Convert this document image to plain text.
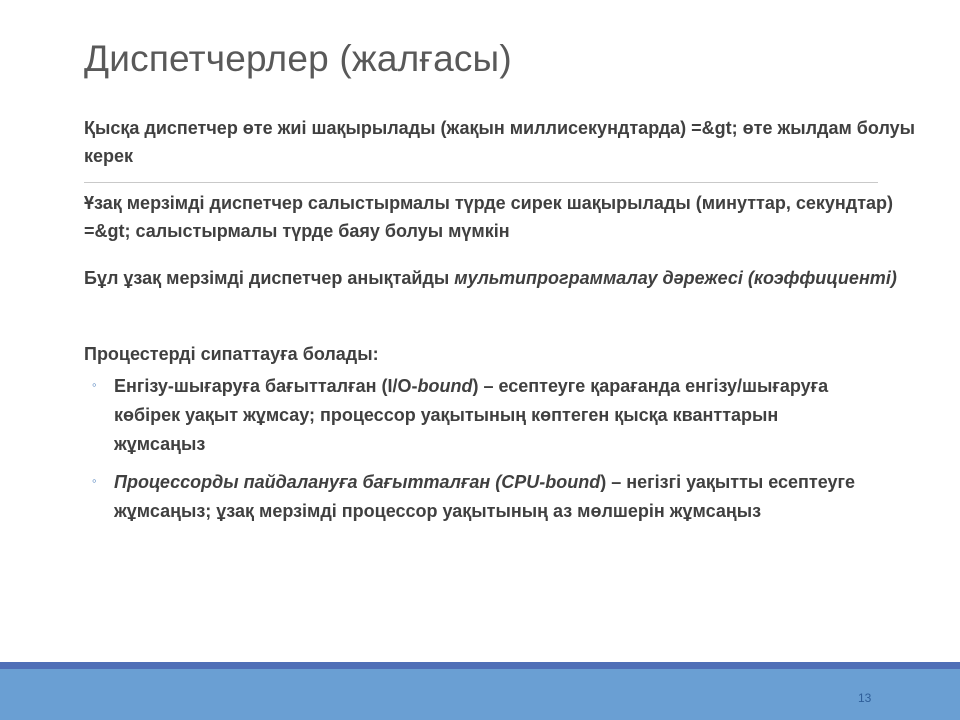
Диспетчерлер (жалғасы)
Қысқа диспетчер өте жиі шақырылады (жақын миллисекундтарда) =&gt; өте жылдам болуы керек
Ұзақ мерзімді диспетчер салыстырмалы түрде сирек шақырылады (минуттар, секундтар) =&gt; салыстырмалы түрде баяу болуы мүмкін
Бұл ұзақ мерзімді диспетчер анықтайды мультипрограммалау дәрежесі (коэффициенті)
Процестерді сипаттауға болады:
◦ Енгізу-шығаруға бағытталған (I/O-bound) – есептеуге қарағанда енгізу/шығаруға көбірек уақыт жұмсау; процессор уақытының көптеген қысқа кванттарын жұмсаңыз
◦ Процессорды пайдалануға бағытталған (CPU-bound) – негізгі уақытты есептеуге жұмсаңыз; ұзақ мерзімді процессор уақытының аз мөлшерін жұмсаңыз
13
